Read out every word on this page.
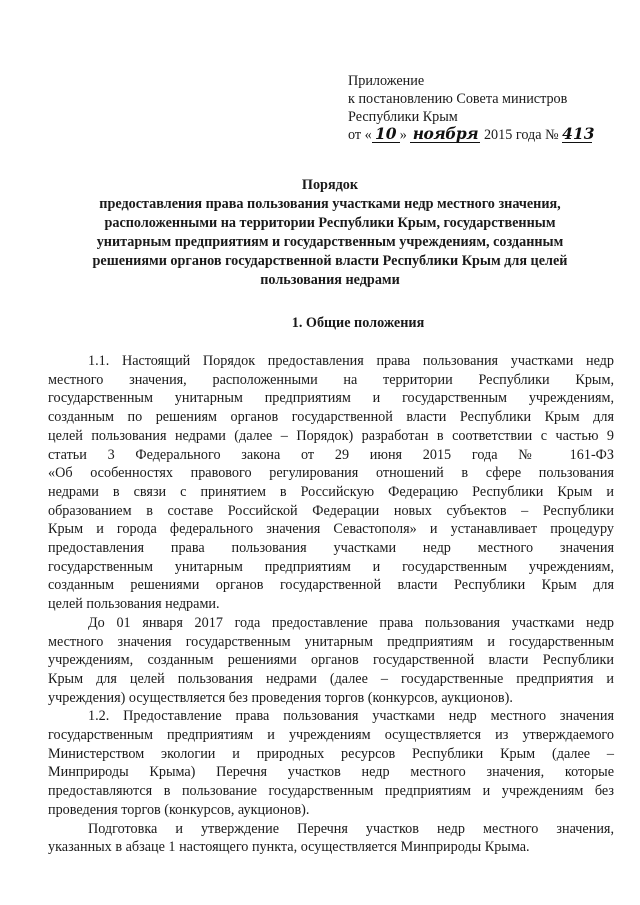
Приложение
к постановлению Совета министров
Республики Крым
от « 10 » ноября 2015 года № 413
Порядок
предоставления права пользования участками недр местного значения,
расположенными на территории Республики Крым, государственным
унитарным предприятиям и государственным учреждениям, созданным
решениями органов государственной власти Республики Крым для целей
пользования недрами
1. Общие положения
1.1. Настоящий Порядок предоставления права пользования участками недр
местного значения, расположенными на территории Республики Крым,
государственным унитарным предприятиям и государственным учреждениям,
созданным по решениям органов государственной власти Республики Крым для
целей пользования недрами (далее – Порядок) разработан в соответствии с частью 9
статьи 3 Федерального закона от 29 июня 2015 года № 161-ФЗ
«Об особенностях правового регулирования отношений в сфере пользования
недрами в связи с принятием в Российскую Федерацию Республики Крым и
образованием в составе Российской Федерации новых субъектов – Республики
Крым и города федерального значения Севастополя» и устанавливает процедуру
предоставления права пользования участками недр местного значения
государственным унитарным предприятиям и государственным учреждениям,
созданным решениями органов государственной власти Республики Крым для
целей пользования недрами.
До 01 января 2017 года предоставление права пользования участками недр
местного значения государственным унитарным предприятиям и государственным
учреждениям, созданным решениями органов государственной власти Республики
Крым для целей пользования недрами (далее – государственные предприятия и
учреждения) осуществляется без проведения торгов (конкурсов, аукционов).
1.2. Предоставление права пользования участками недр местного значения
государственным предприятиям и учреждениям осуществляется из утверждаемого
Министерством экологии и природных ресурсов Республики Крым (далее –
Минприроды Крыма) Перечня участков недр местного значения, которые
предоставляются в пользование государственным предприятиям и учреждениям без
проведения торгов (конкурсов, аукционов).
Подготовка и утверждение Перечня участков недр местного значения,
указанных в абзаце 1 настоящего пункта, осуществляется Минприроды Крыма.
